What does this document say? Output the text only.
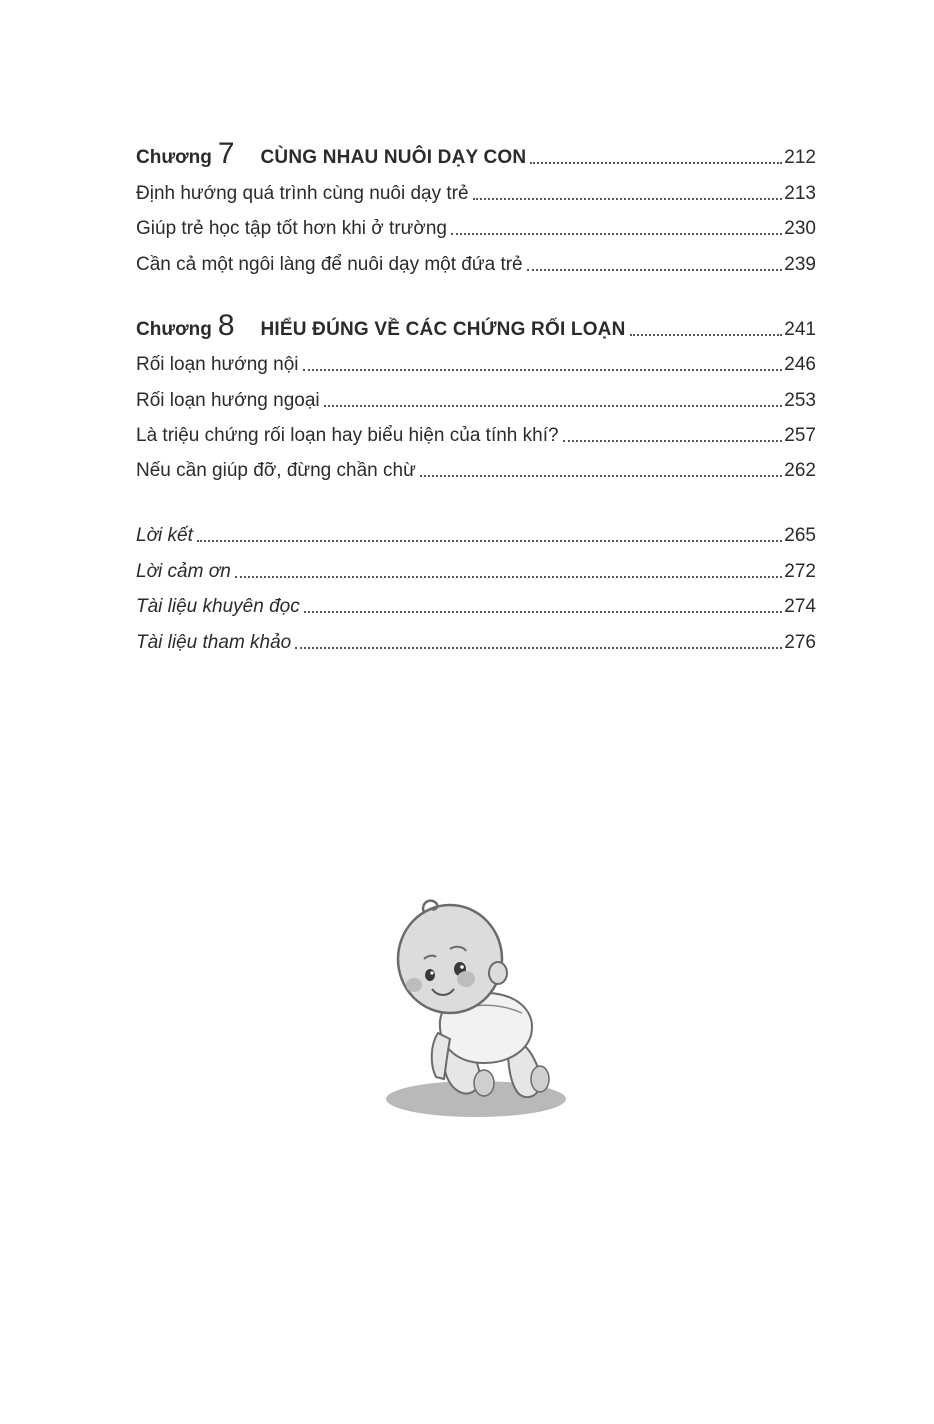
Chương 7 CÙNG NHAU NUÔI DẠY CON	212
Định hướng quá trình cùng nuôi dạy trẻ	213
Giúp trẻ học tập tốt hơn khi ở trường	230
Cần cả một ngôi làng để nuôi dạy một đứa trẻ	239
Chương 8 HIỂU ĐÚNG VỀ CÁC CHỨNG RỐI LOẠN	241
Rối loạn hướng nội	246
Rối loạn hướng ngoại	253
Là triệu chứng rối loạn hay biểu hiện của tính khí?	257
Nếu cần giúp đỡ, đừng chần chừ	262
Lời kết	265
Lời cảm ơn	272
Tài liệu khuyên đọc	274
Tài liệu tham khảo	276
